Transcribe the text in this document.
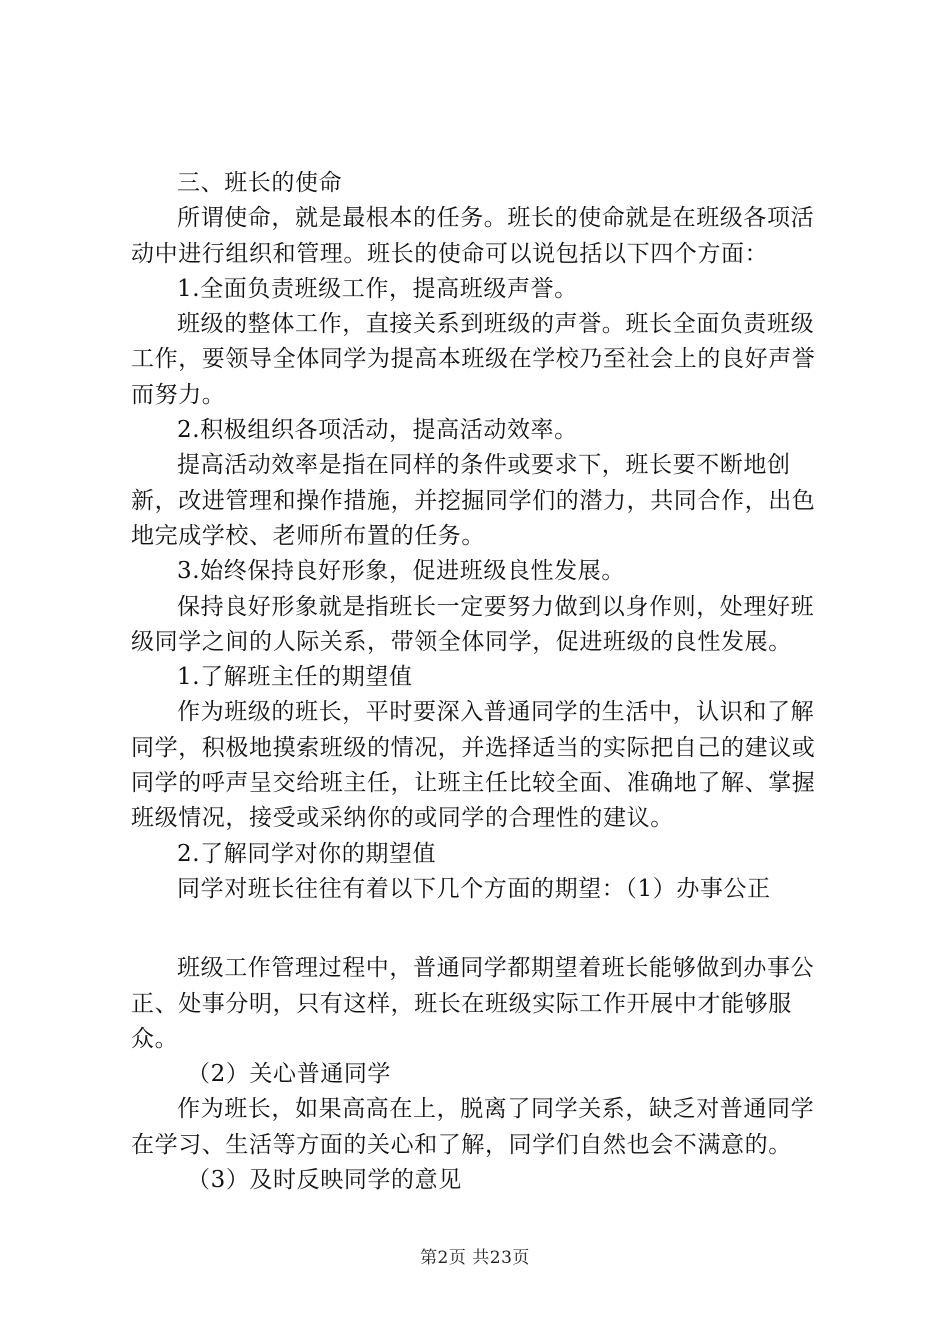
三、班长的使命

所谓使命，就是最根本的任务。班长的使命就是在班级各项活动中进行组织和管理。班长的使命可以说包括以下四个方面：

1.全面负责班级工作，提高班级声誉。

班级的整体工作，直接关系到班级的声誉。班长全面负责班级工作，要领导全体同学为提高本班级在学校乃至社会上的良好声誉而努力。

2.积极组织各项活动，提高活动效率。

提高活动效率是指在同样的条件或要求下，班长要不断地创新，改进管理和操作措施，并挖掘同学们的潜力，共同合作，出色地完成学校、老师所布置的任务。

3.始终保持良好形象，促进班级良性发展。

保持良好形象就是指班长一定要努力做到以身作则，处理好班级同学之间的人际关系，带领全体同学，促进班级的良性发展。

1.了解班主任的期望值

作为班级的班长，平时要深入普通同学的生活中，认识和了解同学，积极地摸索班级的情况，并选择适当的实际把自己的建议或同学的呼声呈交给班主任，让班主任比较全面、准确地了解、掌握班级情况，接受或采纳你的或同学的合理性的建议。

2.了解同学对你的期望值

同学对班长往往有着以下几个方面的期望：（1）办事公正

班级工作管理过程中，普通同学都期望着班长能够做到办事公正、处事分明，只有这样，班长在班级实际工作开展中才能够服众。

（2）关心普通同学

作为班长，如果高高在上，脱离了同学关系，缺乏对普通同学在学习、生活等方面的关心和了解，同学们自然也会不满意的。

（3）及时反映同学的意见

第2页 共23页
